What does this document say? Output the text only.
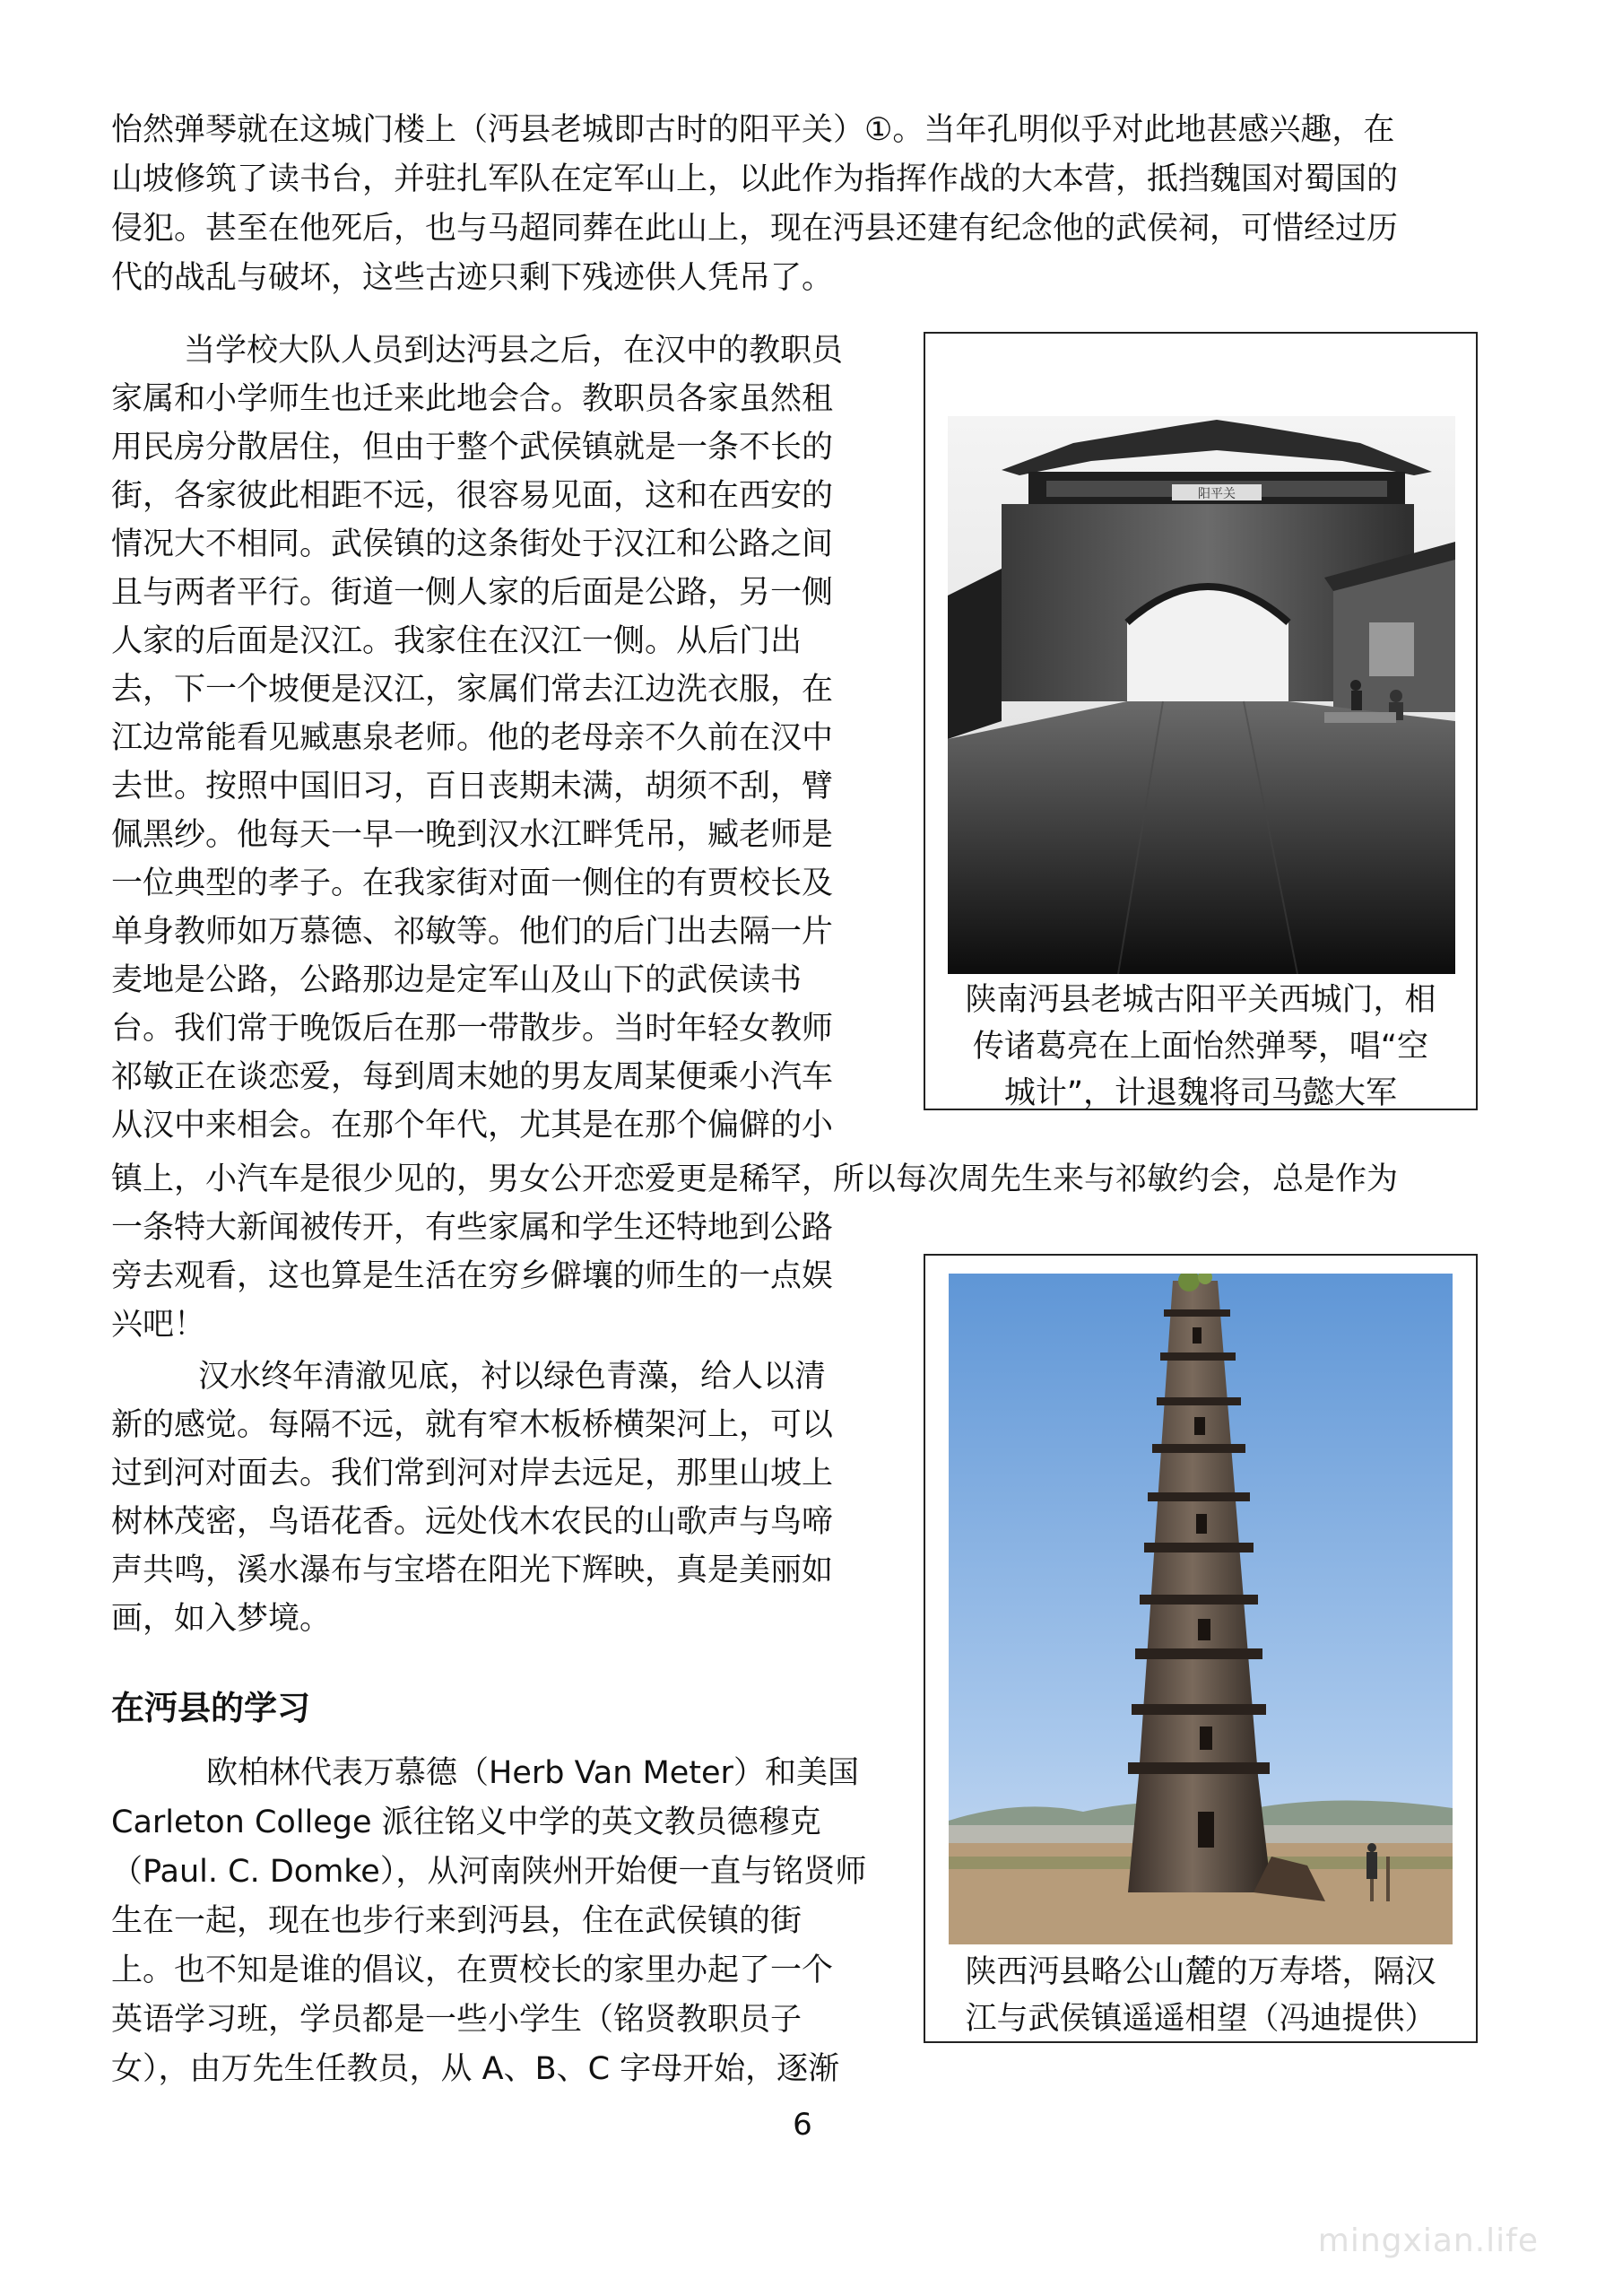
怡然弹琴就在这城门楼上（沔县老城即古时的阳平关）①。当年孔明似乎对此地甚感兴趣，在
山坡修筑了读书台，并驻扎军队在定军山上，以此作为指挥作战的大本营，抵挡魏国对蜀国的
侵犯。甚至在他死后，也与马超同葬在此山上，现在沔县还建有纪念他的武侯祠，可惜经过历
代的战乱与破坏，这些古迹只剩下残迹供人凭吊了。
当学校大队人员到达沔县之后，在汉中的教职员
家属和小学师生也迁来此地会合。教职员各家虽然租
用民房分散居住，但由于整个武侯镇就是一条不长的
街，各家彼此相距不远，很容易见面，这和在西安的
情况大不相同。武侯镇的这条街处于汉江和公路之间
且与两者平行。街道一侧人家的后面是公路，另一侧
人家的后面是汉江。我家住在汉江一侧。从后门出
去，下一个坡便是汉江，家属们常去江边洗衣服，在
江边常能看见臧惠泉老师。他的老母亲不久前在汉中
去世。按照中国旧习，百日丧期未满，胡须不刮，臂
佩黑纱。他每天一早一晚到汉水江畔凭吊，臧老师是
一位典型的孝子。在我家街对面一侧住的有贾校长及
单身教师如万慕德、祁敏等。他们的后门出去隔一片
麦地是公路，公路那边是定军山及山下的武侯读书
台。我们常于晚饭后在那一带散步。当时年轻女教师
祁敏正在谈恋爱，每到周末她的男友周某便乘小汽车
从汉中来相会。在那个年代，尤其是在那个偏僻的小
镇上，小汽车是很少见的，男女公开恋爱更是稀罕，所以每次周先生来与祁敏约会，总是作为
一条特大新闻被传开，有些家属和学生还特地到公路
旁去观看，这也算是生活在穷乡僻壤的师生的一点娱
兴吧！
汉水终年清澈见底，衬以绿色青藻，给人以清
新的感觉。每隔不远，就有窄木板桥横架河上，可以
过到河对面去。我们常到河对岸去远足，那里山坡上
树林茂密，鸟语花香。远处伐木农民的山歌声与鸟啼
声共鸣，溪水瀑布与宝塔在阳光下辉映，真是美丽如
画，如入梦境。
在沔县的学习
欧柏林代表万慕德（Herb Van Meter）和美国
Carleton College 派往铭义中学的英文教员德穆克
（Paul. C. Domke），从河南陕州开始便一直与铭贤师
生在一起，现在也步行来到沔县，住在武侯镇的街
上。也不知是谁的倡议，在贾校长的家里办起了一个
英语学习班，学员都是一些小学生（铭贤教职员子
女），由万先生任教员，从 A、B、C 字母开始，逐渐
阳平关
陕南沔县老城古阳平关西城门，相
传诸葛亮在上面怡然弹琴，唱“空
城计”，计退魏将司马懿大军
陕西沔县略公山麓的万寿塔，隔汉
江与武侯镇遥遥相望（冯迪提供）
6
mingxian.life
